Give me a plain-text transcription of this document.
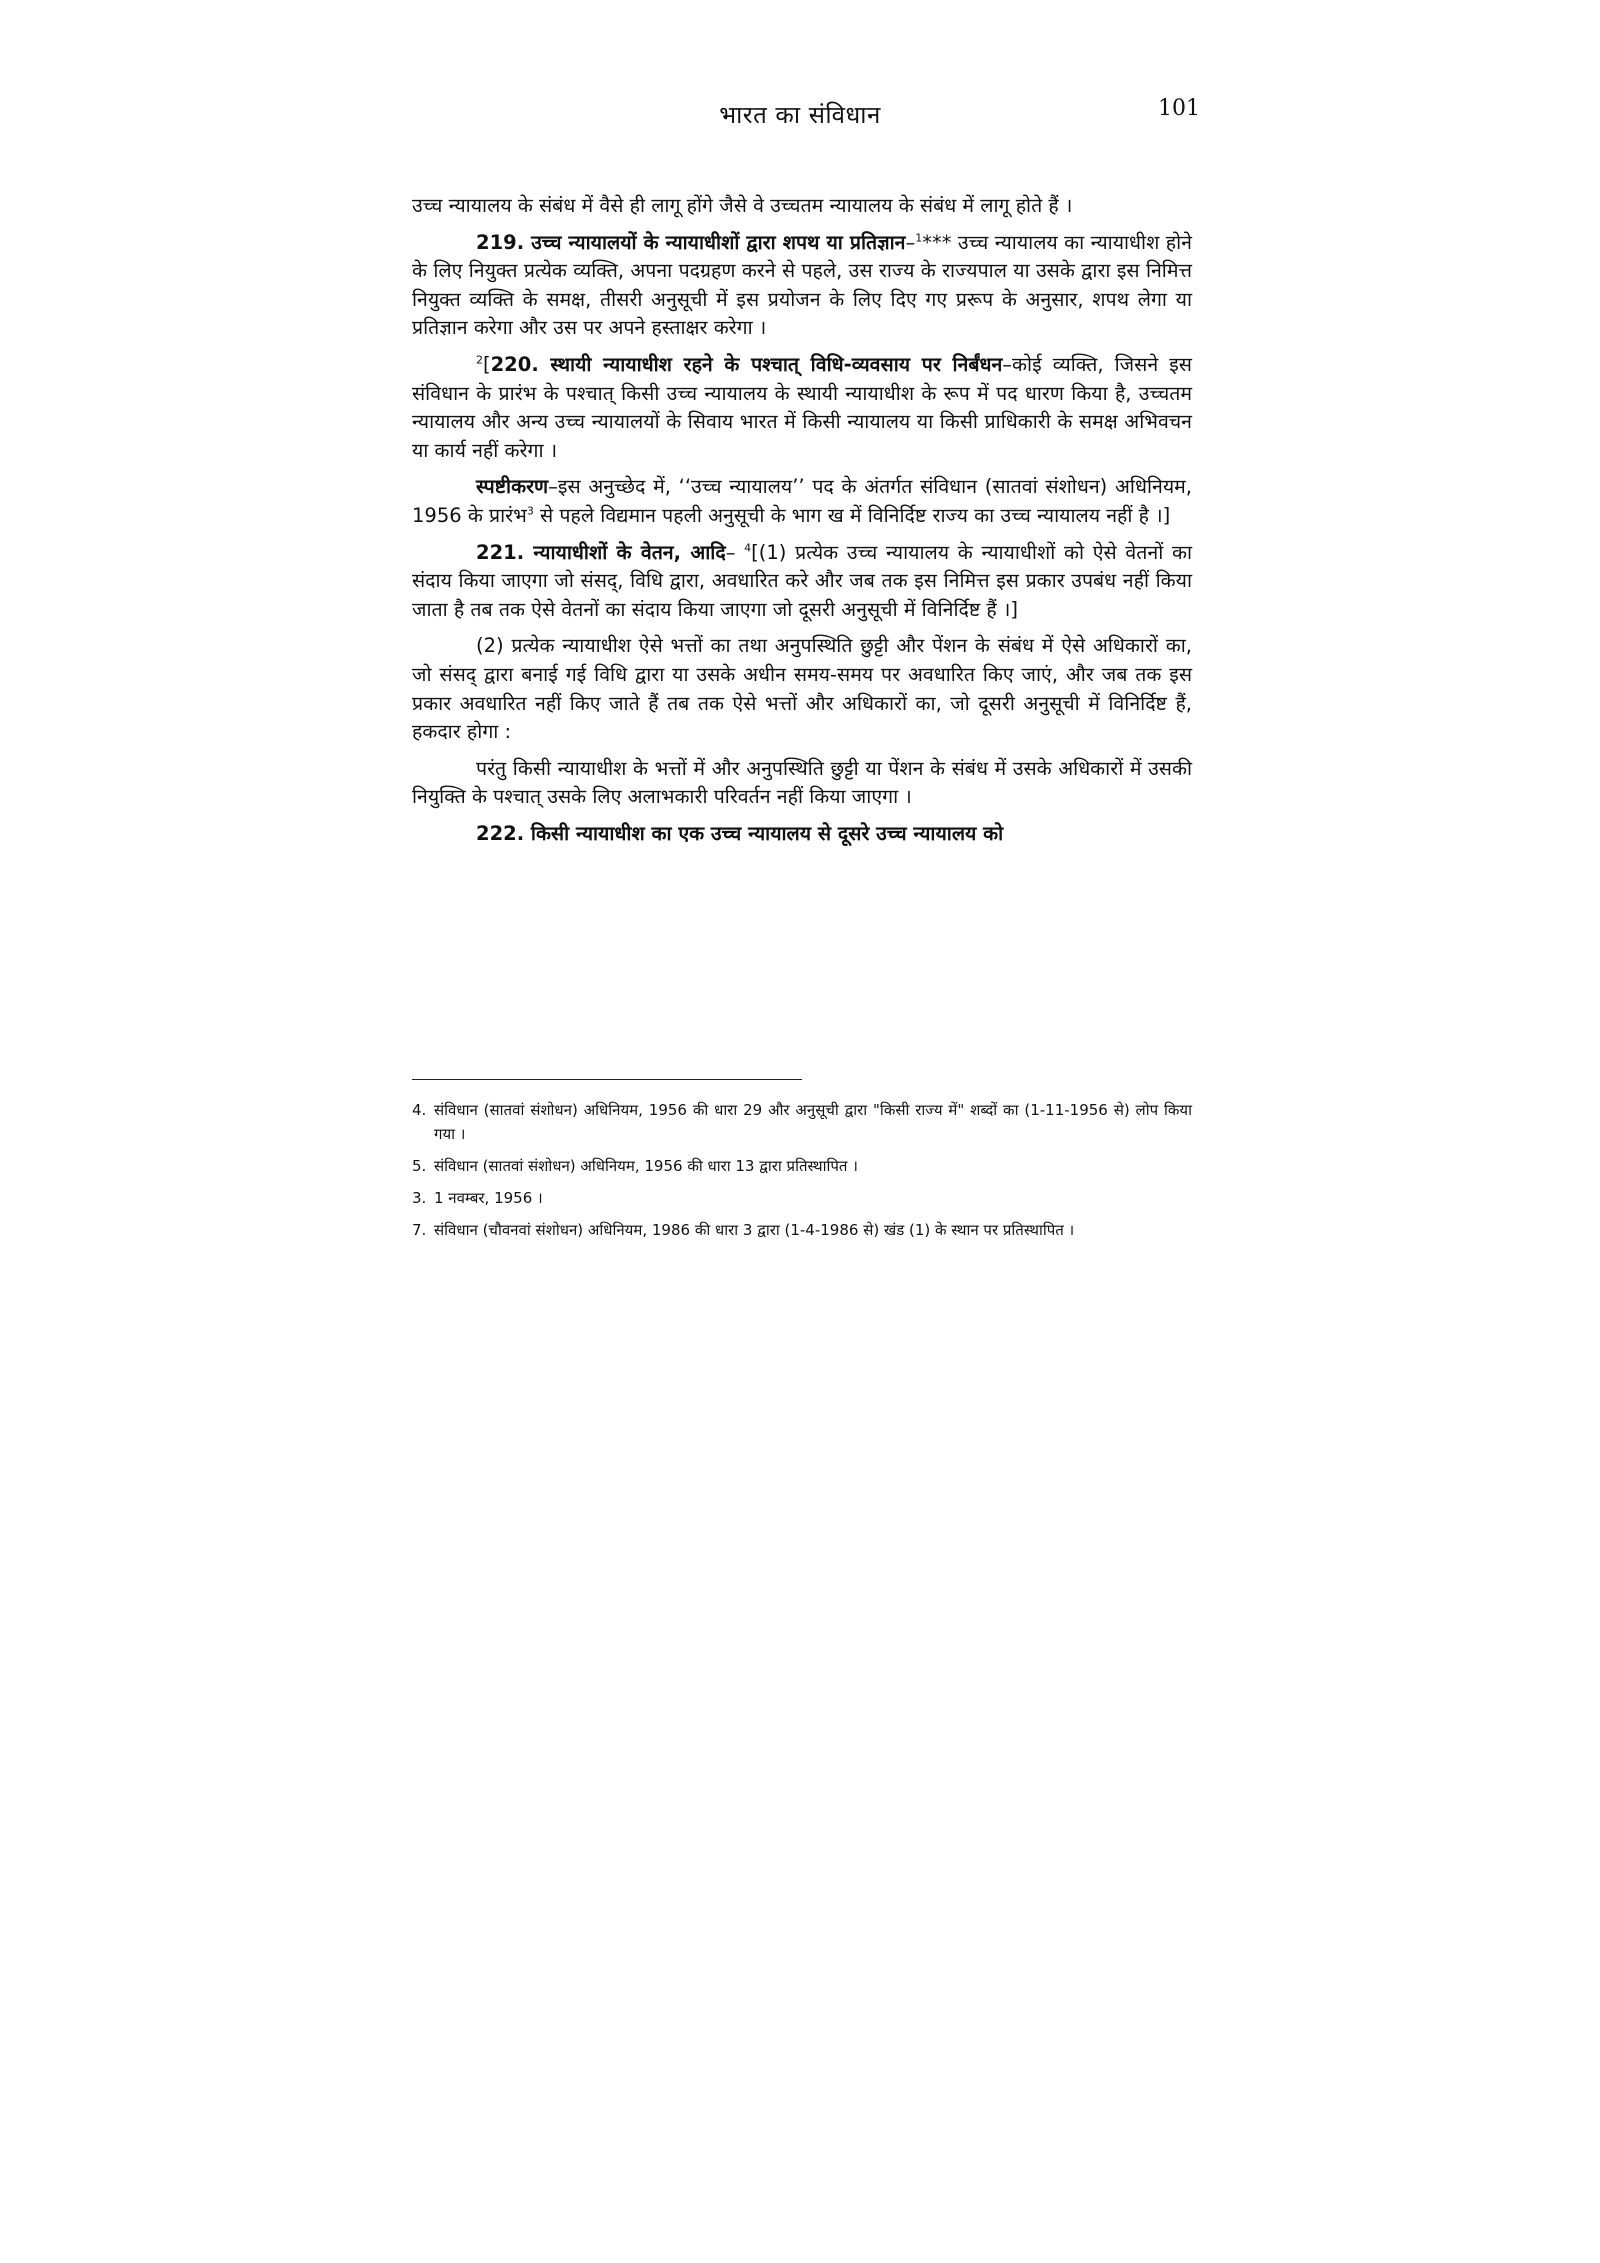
भारत का संविधान	101

उच्च न्यायालय के संबंध में वैसे ही लागू होंगे जैसे वे उच्चतम न्यायालय के संबंध में लागू होते हैं ।

219. उच्च न्यायालयों के न्यायाधीशों द्वारा शपथ या प्रतिज्ञान–$^1$*** उच्च न्यायालय का न्यायाधीश होने के लिए नियुक्त प्रत्येक व्यक्ति, अपना पदग्रहण करने से पहले, उस राज्य के राज्यपाल या उसके द्वारा इस निमित्त नियुक्त व्यक्ति के समक्ष, तीसरी अनुसूची में इस प्रयोजन के लिए दिए गए प्ररूप के अनुसार, शपथ लेगा या प्रतिज्ञान करेगा और उस पर अपने हस्ताक्षर करेगा ।

$^2$[220. स्थायी न्यायाधीश रहने के पश्चात् विधि-व्यवसाय पर निर्बंधन–कोई व्यक्ति, जिसने इस संविधान के प्रारंभ के पश्चात् किसी उच्च न्यायालय के स्थायी न्यायाधीश के रूप में पद धारण किया है, उच्चतम न्यायालय और अन्य उच्च न्यायालयों के सिवाय भारत में किसी न्यायालय या किसी प्राधिकारी के समक्ष अभिवचन या कार्य नहीं करेगा ।

स्पष्टीकरण–इस अनुच्छेद में, ‘‘उच्च न्यायालय’’ पद के अंतर्गत संविधान (सातवां संशोधन) अधिनियम, 1956 के प्रारंभ$^3$ से पहले विद्यमान पहली अनुसूची के भाग ख में विनिर्दिष्ट राज्य का उच्च न्यायालय नहीं है ।]

221. न्यायाधीशों के वेतन, आदि– $^4$[(1) प्रत्येक उच्च न्यायालय के न्यायाधीशों को ऐसे वेतनों का संदाय किया जाएगा जो संसद्, विधि द्वारा, अवधारित करे और जब तक इस निमित्त इस प्रकार उपबंध नहीं किया जाता है तब तक ऐसे वेतनों का संदाय किया जाएगा जो दूसरी अनुसूची में विनिर्दिष्ट हैं ।]

(2) प्रत्येक न्यायाधीश ऐसे भत्तों का तथा अनुपस्थिति छुट्टी और पेंशन के संबंध में ऐसे अधिकारों का, जो संसद् द्वारा बनाई गई विधि द्वारा या उसके अधीन समय-समय पर अवधारित किए जाएं, और जब तक इस प्रकार अवधारित नहीं किए जाते हैं तब तक ऐसे भत्तों और अधिकारों का, जो दूसरी अनुसूची में विनिर्दिष्ट हैं, हकदार होगा :

परंतु किसी न्यायाधीश के भत्तों में और अनुपस्थिति छुट्टी या पेंशन के संबंध में उसके अधिकारों में उसकी नियुक्ति के पश्चात् उसके लिए अलाभकारी परिवर्तन नहीं किया जाएगा ।

222. किसी न्यायाधीश का एक उच्च न्यायालय से दूसरे उच्च न्यायालय को

4. संविधान (सातवां संशोधन) अधिनियम, 1956 की धारा 29 और अनुसूची द्वारा "किसी राज्य में" शब्दों का (1-11-1956 से) लोप किया गया ।
5. संविधान (सातवां संशोधन) अधिनियम, 1956 की धारा 13 द्वारा प्रतिस्थापित ।
3. 1 नवम्बर, 1956 ।
7. संविधान (चौवनवां संशोधन) अधिनियम, 1986 की धारा 3 द्वारा (1-4-1986 से) खंड (1) के स्थान पर प्रतिस्थापित ।
